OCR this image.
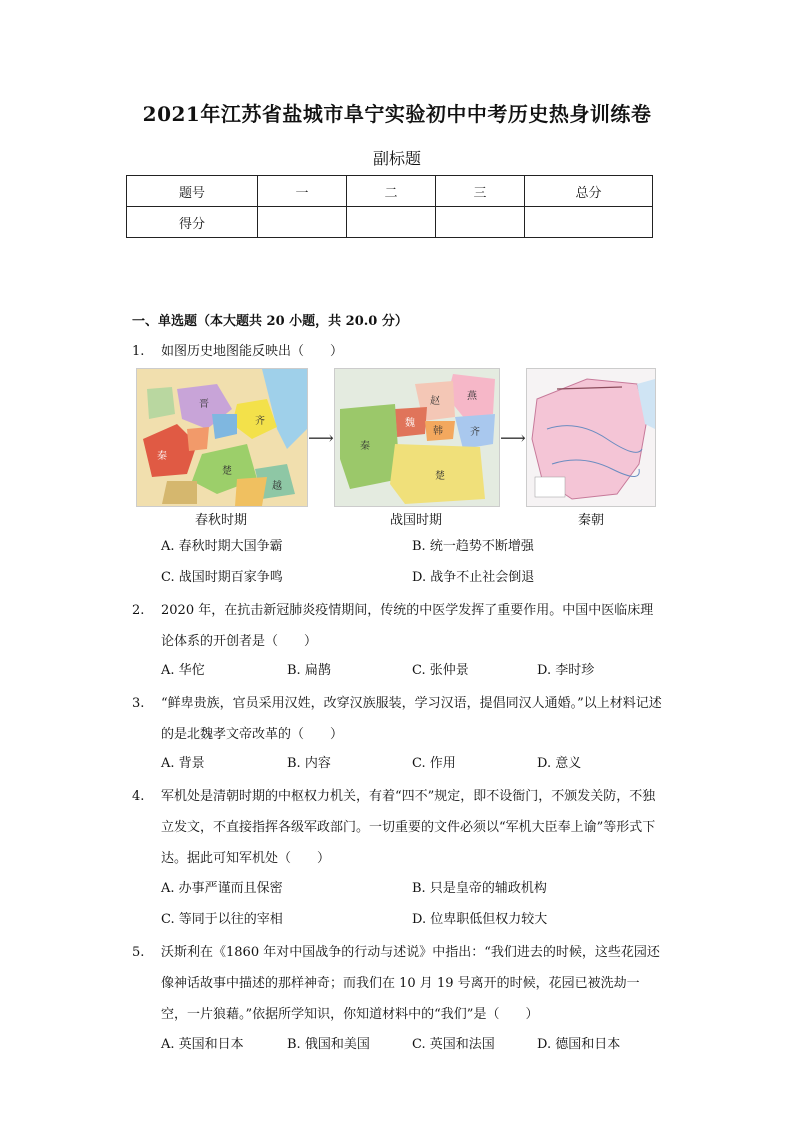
2021年江苏省盐城市阜宁实验初中中考历史热身训练卷
副标题
题号	一	二	三	总分
得分				
一、单选题（本大题共 20 小题，共 20.0 分）
1.	如图历史地图能反映出（　　）
齐
秦
楚
晋
越
春秋时期
⟶
燕
赵
魏
韩	齐
秦
楚
战国时期
⟶
秦朝
A. 春秋时期大国争霸	B. 统一趋势不断增强
C. 战国时期百家争鸣	D. 战争不止社会倒退
2.	2020 年，在抗击新冠肺炎疫情期间，传统的中医学发挥了重要作用。中国中医临床理论体系的开创者是（　　）
A. 华佗	B. 扁鹊	C. 张仲景	D. 李时珍
3.	“鲜卑贵族，官员采用汉姓，改穿汉族服装，学习汉语，提倡同汉人通婚。”以上材料记述的是北魏孝文帝改革的（　　）
A. 背景	B. 内容	C. 作用	D. 意义
4.	军机处是清朝时期的中枢权力机关，有着“四不”规定，即不设衙门，不颁发关防，不独立发文，不直接指挥各级军政部门。一切重要的文件必须以“军机大臣奉上谕”等形式下达。据此可知军机处（　　）
A. 办事严谨而且保密	B. 只是皇帝的辅政机构
C. 等同于以往的宰相	D. 位卑职低但权力较大
5.	沃斯利在《1860 年对中国战争的行动与述说》中指出：“我们进去的时候，这些花园还像神话故事中描述的那样神奇；而我们在 10 月 19 号离开的时候，花园已被洗劫一空，一片狼藉。”依据所学知识，你知道材料中的“我们”是（　　）
A. 英国和日本	B. 俄国和美国	C. 英国和法国	D. 德国和日本
